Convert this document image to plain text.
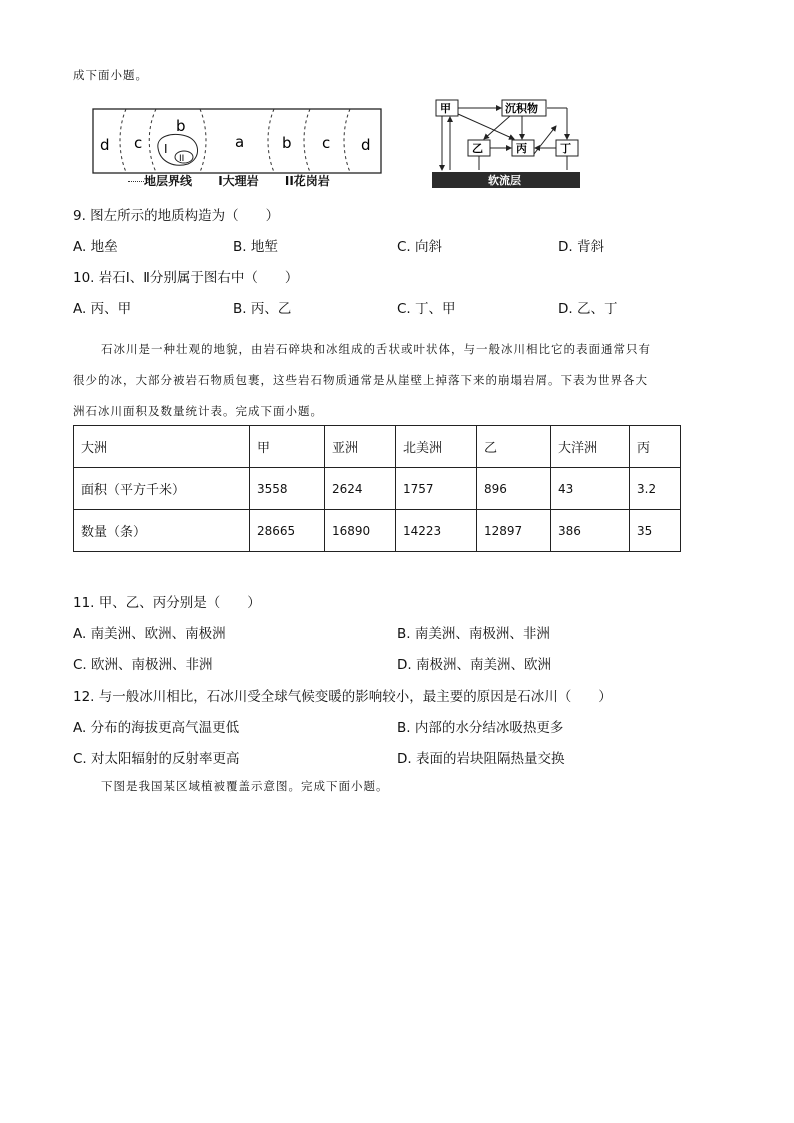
成下面小题。
d c
b
a	b c d
I
II
地层界线 I大理岩 II花岗岩	软流层
甲	沉积物
乙	丙	丁
9. 图左所示的地质构造为（　　）
A. 地垒	B. 地堑	C. 向斜	D. 背斜
10. 岩石Ⅰ、Ⅱ分别属于图右中（　　）
A. 丙、甲	B. 丙、乙	C. 丁、甲	D. 乙、丁
石冰川是一种壮观的地貌，由岩石碎块和冰组成的舌状或叶状体，与一般冰川相比它的表面通常只有
很少的冰，大部分被岩石物质包裹，这些岩石物质通常是从崖壁上掉落下来的崩塌岩屑。下表为世界各大
洲石冰川面积及数量统计表。完成下面小题。
大洲	甲	亚洲	北美洲	乙	大洋洲	丙
面积（平方千米）	3558	2624	1757	896	43	3.2
数量（条）	28665	16890	14223	12897	386	35
11. 甲、乙、丙分别是（　　）
A. 南美洲、欧洲、南极洲	B. 南美洲、南极洲、非洲
C. 欧洲、南极洲、非洲	D. 南极洲、南美洲、欧洲
12. 与一般冰川相比，石冰川受全球气候变暖的影响较小，最主要的原因是石冰川（　　）
A. 分布的海拔更高气温更低	B. 内部的水分结冰吸热更多
C. 对太阳辐射的反射率更高	D. 表面的岩块阻隔热量交换
下图是我国某区域植被覆盖示意图。完成下面小题。
